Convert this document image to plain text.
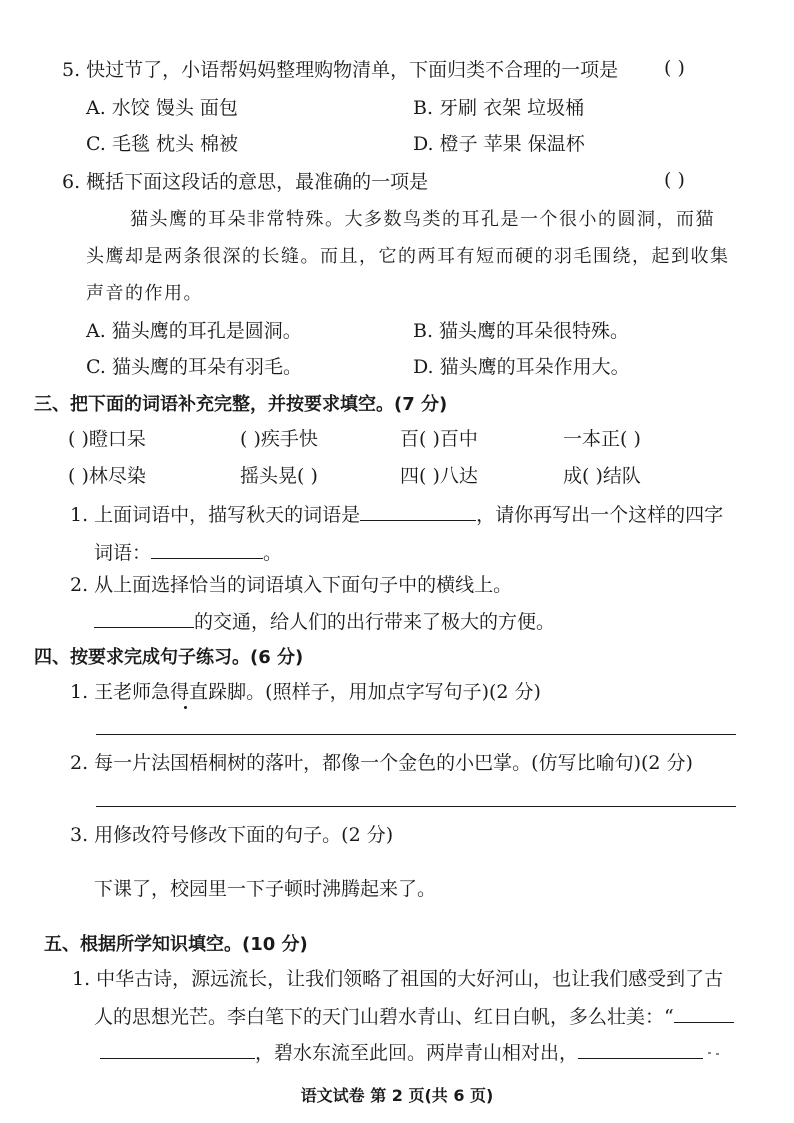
5. 快过节了，小语帮妈妈整理购物清单，下面归类不合理的一项是 ( )
A. 水饺 馒头 面包	B. 牙刷 衣架 垃圾桶
C. 毛毯 枕头 棉被	D. 橙子 苹果 保温杯
6. 概括下面这段话的意思，最准确的一项是	( )
猫头鹰的耳朵非常特殊。大多数鸟类的耳孔是一个很小的圆洞，而猫
头鹰却是两条很深的长缝。而且，它的两耳有短而硬的羽毛围绕，起到收集
声音的作用。
A. 猫头鹰的耳孔是圆洞。	B. 猫头鹰的耳朵很特殊。
C. 猫头鹰的耳朵有羽毛。	D. 猫头鹰的耳朵作用大。
三、把下面的词语补充完整，并按要求填空。(7 分)
( )瞪口呆	( )疾手快	百( )百中	一本正( )
( )林尽染	摇头晃( )	四( )八达	成( )结队
1. 上面词语中，描写秋天的词语是	，请你再写出一个这样的四字
词语：	。
2. 从上面选择恰当的词语填入下面句子中的横线上。
的交通，给人们的出行带来了极大的方便。
四、按要求完成句子练习。(6 分)
1. 王老师急得直跺脚。(照样子，用加点字写句子)(2 分)
2. 每一片法国梧桐树的落叶，都像一个金色的小巴掌。(仿写比喻句)(2 分)
3. 用修改符号修改下面的句子。(2 分)
下课了，校园里一下子顿时沸腾起来了。
五、根据所学知识填空。(10 分)
1. 中华古诗，源远流长，让我们领略了祖国的大好河山，也让我们感受到了古
人的思想光芒。李白笔下的天门山碧水青山、红日白帆，多么壮美：“
，碧水东流至此回。两岸青山相对出，
语文试卷 第 2 页(共 6 页)
